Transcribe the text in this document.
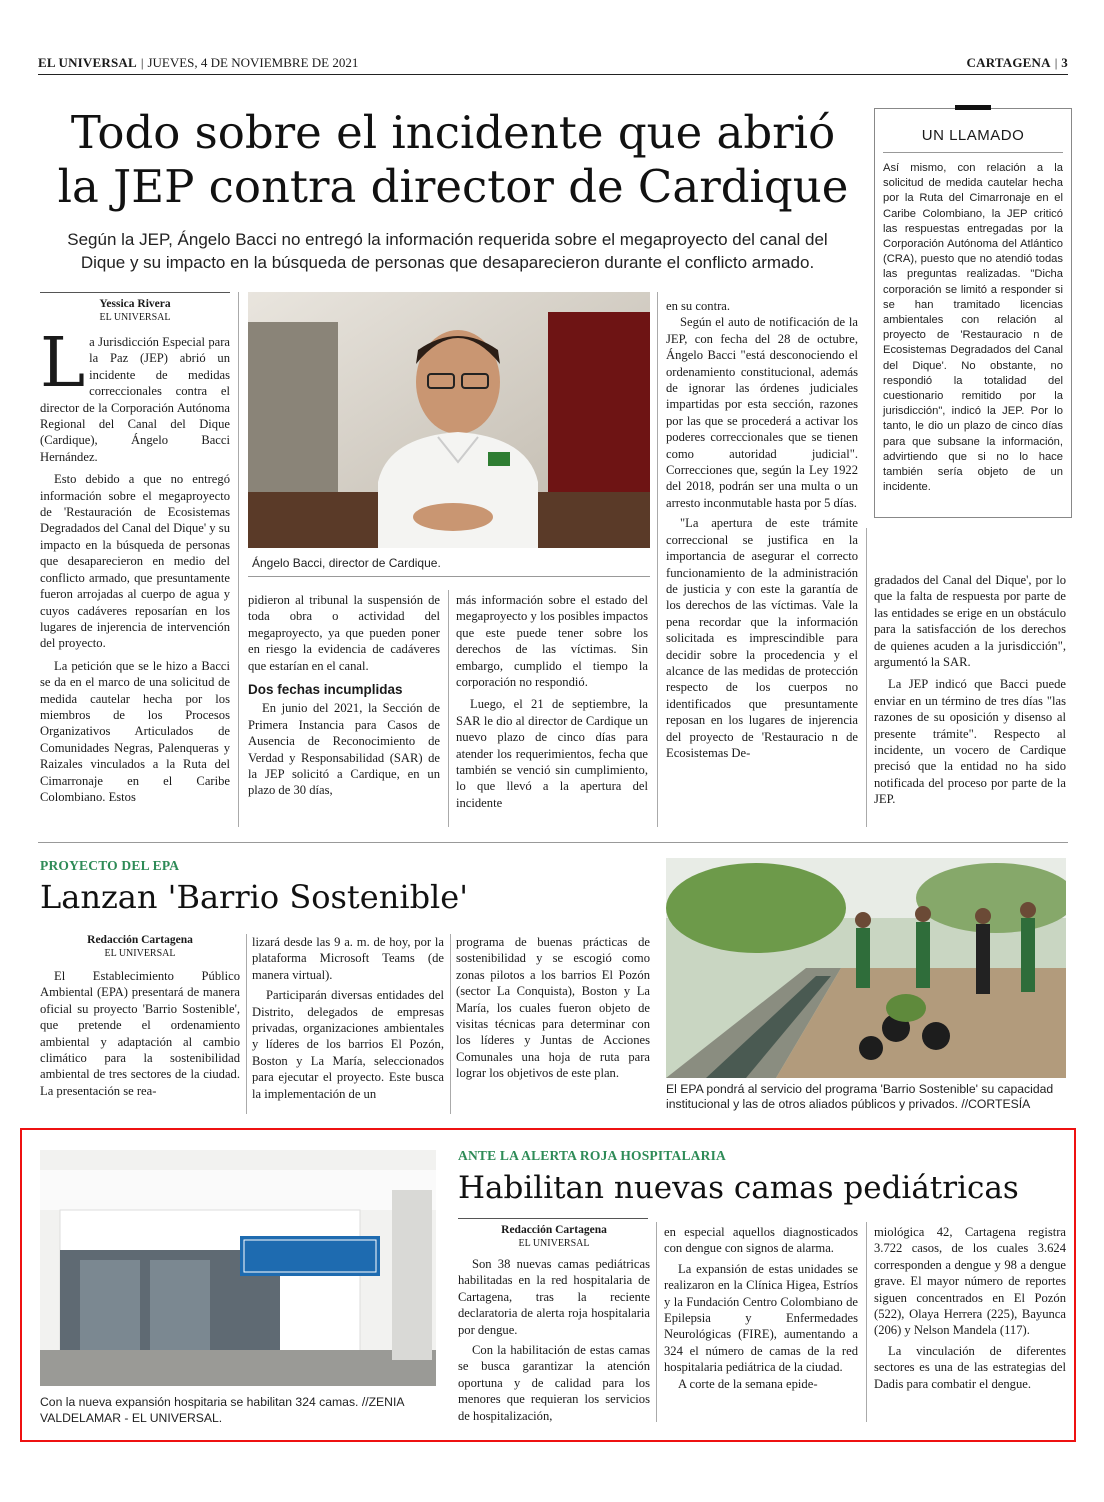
EL UNIVERSAL | JUEVES, 4 DE NOVIEMBRE DE 2021	CARTAGENA | 3
Todo sobre el incidente que abrió
la JEP contra director de Cardique
Según la JEP, Ángelo Bacci no entregó la información requerida sobre el megaproyecto del canal del
Dique y su impacto en la búsqueda de personas que desaparecieron durante el conflicto armado.
UN LLAMADO
Así mismo, con relación a la solicitud de medida cautelar hecha por la Ruta del Cimarronaje en el Caribe Colombiano, la JEP criticó las respuestas entregadas por la Corporación Autónoma del Atlántico (CRA), puesto que no atendió todas las preguntas realizadas. "Dicha corporación se limitó a responder si se han tramitado licencias ambientales con relación al proyecto de 'Restauracio n de Ecosistemas Degradados del Canal del Dique'. No obstante, no respondió la totalidad del cuestionario remitido por la jurisdicción", indicó la JEP. Por lo tanto, le dio un plazo de cinco días para que subsane la información, advirtiendo que si no lo hace también sería objeto de un incidente.
Yessica Rivera
EL UNIVERSAL

La Jurisdicción Especial para la Paz (JEP) abrió un incidente de medidas correccionales contra el director de la Corporación Autónoma Regional del Canal del Dique (Cardique), Ángelo Bacci Hernández.

Esto debido a que no entregó información sobre el megaproyecto de 'Restauración de Ecosistemas Degradados del Canal del Dique' y su impacto en la búsqueda de personas que desaparecieron en medio del conflicto armado, que presuntamente fueron arrojadas al cuerpo de agua y cuyos cadáveres reposarían en los lugares de injerencia de intervención del proyecto.

La petición que se le hizo a Bacci se da en el marco de una solicitud de medida cautelar hecha por los miembros de los Procesos Organizativos Articulados de Comunidades Negras, Palenqueras y Raizales vinculados a la Ruta del Cimarronaje en el Caribe Colombiano. Estos

Ángelo Bacci, director de Cardique.

pidieron al tribunal la suspensión de toda obra o actividad del megaproyecto, ya que pueden poner en riesgo la evidencia de cadáveres que estarían en el canal.

Dos fechas incumplidas

En junio del 2021, la Sección de Primera Instancia para Casos de Ausencia de Reconocimiento de Verdad y Responsabilidad (SAR) de la JEP solicitó a Cardique, en un plazo de 30 días,

más información sobre el estado del megaproyecto y los posibles impactos que este puede tener sobre los derechos de las víctimas. Sin embargo, cumplido el tiempo la corporación no respondió.

Luego, el 21 de septiembre, la SAR le dio al director de Cardique un nuevo plazo de cinco días para atender los requerimientos, fecha que también se venció sin cumplimiento, lo que llevó a la apertura del incidente

en su contra.

Según el auto de notificación de la JEP, con fecha del 28 de octubre, Ángelo Bacci "está desconociendo el ordenamiento constitucional, además de ignorar las órdenes judiciales impartidas por esta sección, razones por las que se procederá a activar los poderes correccionales que se tienen como autoridad judicial". Correcciones que, según la Ley 1922 del 2018, podrán ser una multa o un arresto inconmutable hasta por 5 días.

"La apertura de este trámite correccional se justifica en la importancia de asegurar el correcto funcionamiento de la administración de justicia y con este la garantía de los derechos de las víctimas. Vale la pena recordar que la información solicitada es imprescindible para decidir sobre la procedencia y el alcance de las medidas de protección respecto de los cuerpos no identificados que presuntamente reposan en los lugares de injerencia del proyecto de 'Restauracio n de Ecosistemas De-

gradados del Canal del Dique', por lo que la falta de respuesta por parte de las entidades se erige en un obstáculo para la satisfacción de los derechos de quienes acuden a la jurisdicción", argumentó la SAR.

La JEP indicó que Bacci puede enviar en un término de tres días "las razones de su oposición y disenso al presente trámite". Respecto al incidente, un vocero de Cardique precisó que la entidad no ha sido notificada del proceso por parte de la JEP.

PROYECTO DEL EPA
Lanzan 'Barrio Sostenible'
Redacción Cartagena
EL UNIVERSAL

El Establecimiento Público Ambiental (EPA) presentará de manera oficial su proyecto 'Barrio Sostenible', que pretende el ordenamiento ambiental y adaptación al cambio climático para la sostenibilidad ambiental de tres sectores de la ciudad. La presentación se rea-

lizará desde las 9 a. m. de hoy, por la plataforma Microsoft Teams (de manera virtual).

Participarán diversas entidades del Distrito, delegados de empresas privadas, organizaciones ambientales y líderes de los barrios El Pozón, Boston y La María, seleccionados para ejecutar el proyecto. Este busca la implementación de un

programa de buenas prácticas de sostenibilidad y se escogió como zonas pilotos a los barrios El Pozón (sector La Conquista), Boston y La María, los cuales fueron objeto de visitas técnicas para determinar con los líderes y Juntas de Acciones Comunales una hoja de ruta para lograr los objetivos de este plan.

El EPA pondrá al servicio del programa 'Barrio Sostenible' su capacidad institucional y las de otros aliados públicos y privados. //CORTESÍA
Con la nueva expansión hospitaria se habilitan 324 camas. //ZENIA VALDELAMAR - EL UNIVERSAL.
ANTE LA ALERTA ROJA HOSPITALARIA
Habilitan nuevas camas pediátricas
Redacción Cartagena
EL UNIVERSAL

Son 38 nuevas camas pediátricas habilitadas en la red hospitalaria de Cartagena, tras la reciente declaratoria de alerta roja hospitalaria por dengue.

Con la habilitación de estas camas se busca garantizar la atención oportuna y de calidad para los menores que requieran los servicios de hospitalización,

en especial aquellos diagnosticados con dengue con signos de alarma.

La expansión de estas unidades se realizaron en la Clínica Higea, Estríos y la Fundación Centro Colombiano de Epilepsia y Enfermedades Neurológicas (FIRE), aumentando a 324 el número de camas de la red hospitalaria pediátrica de la ciudad.

A corte de la semana epide-

miológica 42, Cartagena registra 3.722 casos, de los cuales 3.624 corresponden a dengue y 98 a dengue grave. El mayor número de reportes siguen concentrados en El Pozón (522), Olaya Herrera (225), Bayunca (206) y Nelson Mandela (117).

La vinculación de diferentes sectores es una de las estrategias del Dadis para combatir el dengue.
